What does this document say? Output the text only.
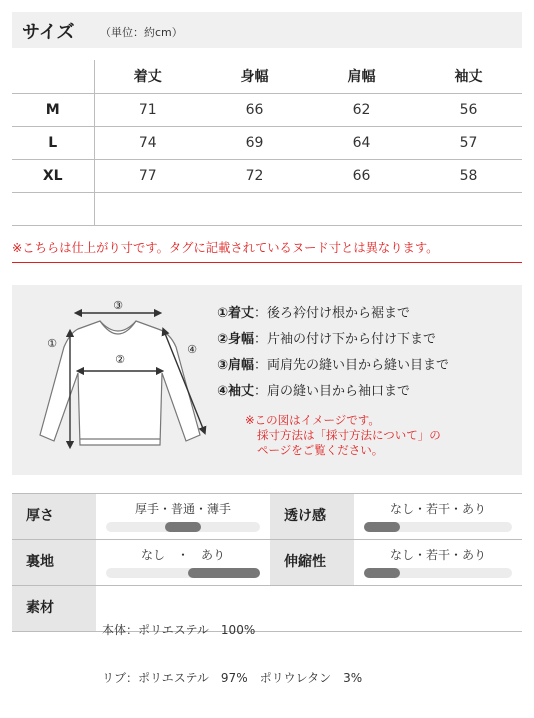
サイズ （単位：約cm）
	着丈	身幅	肩幅	袖丈
M	71	66	62	56
L	74	69	64	57
XL	77	72	66	58

※こちらは仕上がり寸です。タグに記載されているヌード寸とは異なります。
③
②
①	④
①着丈：後ろ衿付け根から裾まで
②身幅：片袖の付け下から付け下まで
③肩幅：両肩先の縫い目から縫い目まで
④袖丈：肩の縫い目から袖口まで
※この図はイメージです。
採寸方法は「採寸方法について」の
ページをご覧ください。
厚さ	厚手・普通・薄手	透け感	なし・若干・あり
裏地	なし　・　あり	伸縮性	なし・若干・あり
素材

本体：ポリエステル　100%

リブ：ポリエステル　97%　ポリウレタン　3%
